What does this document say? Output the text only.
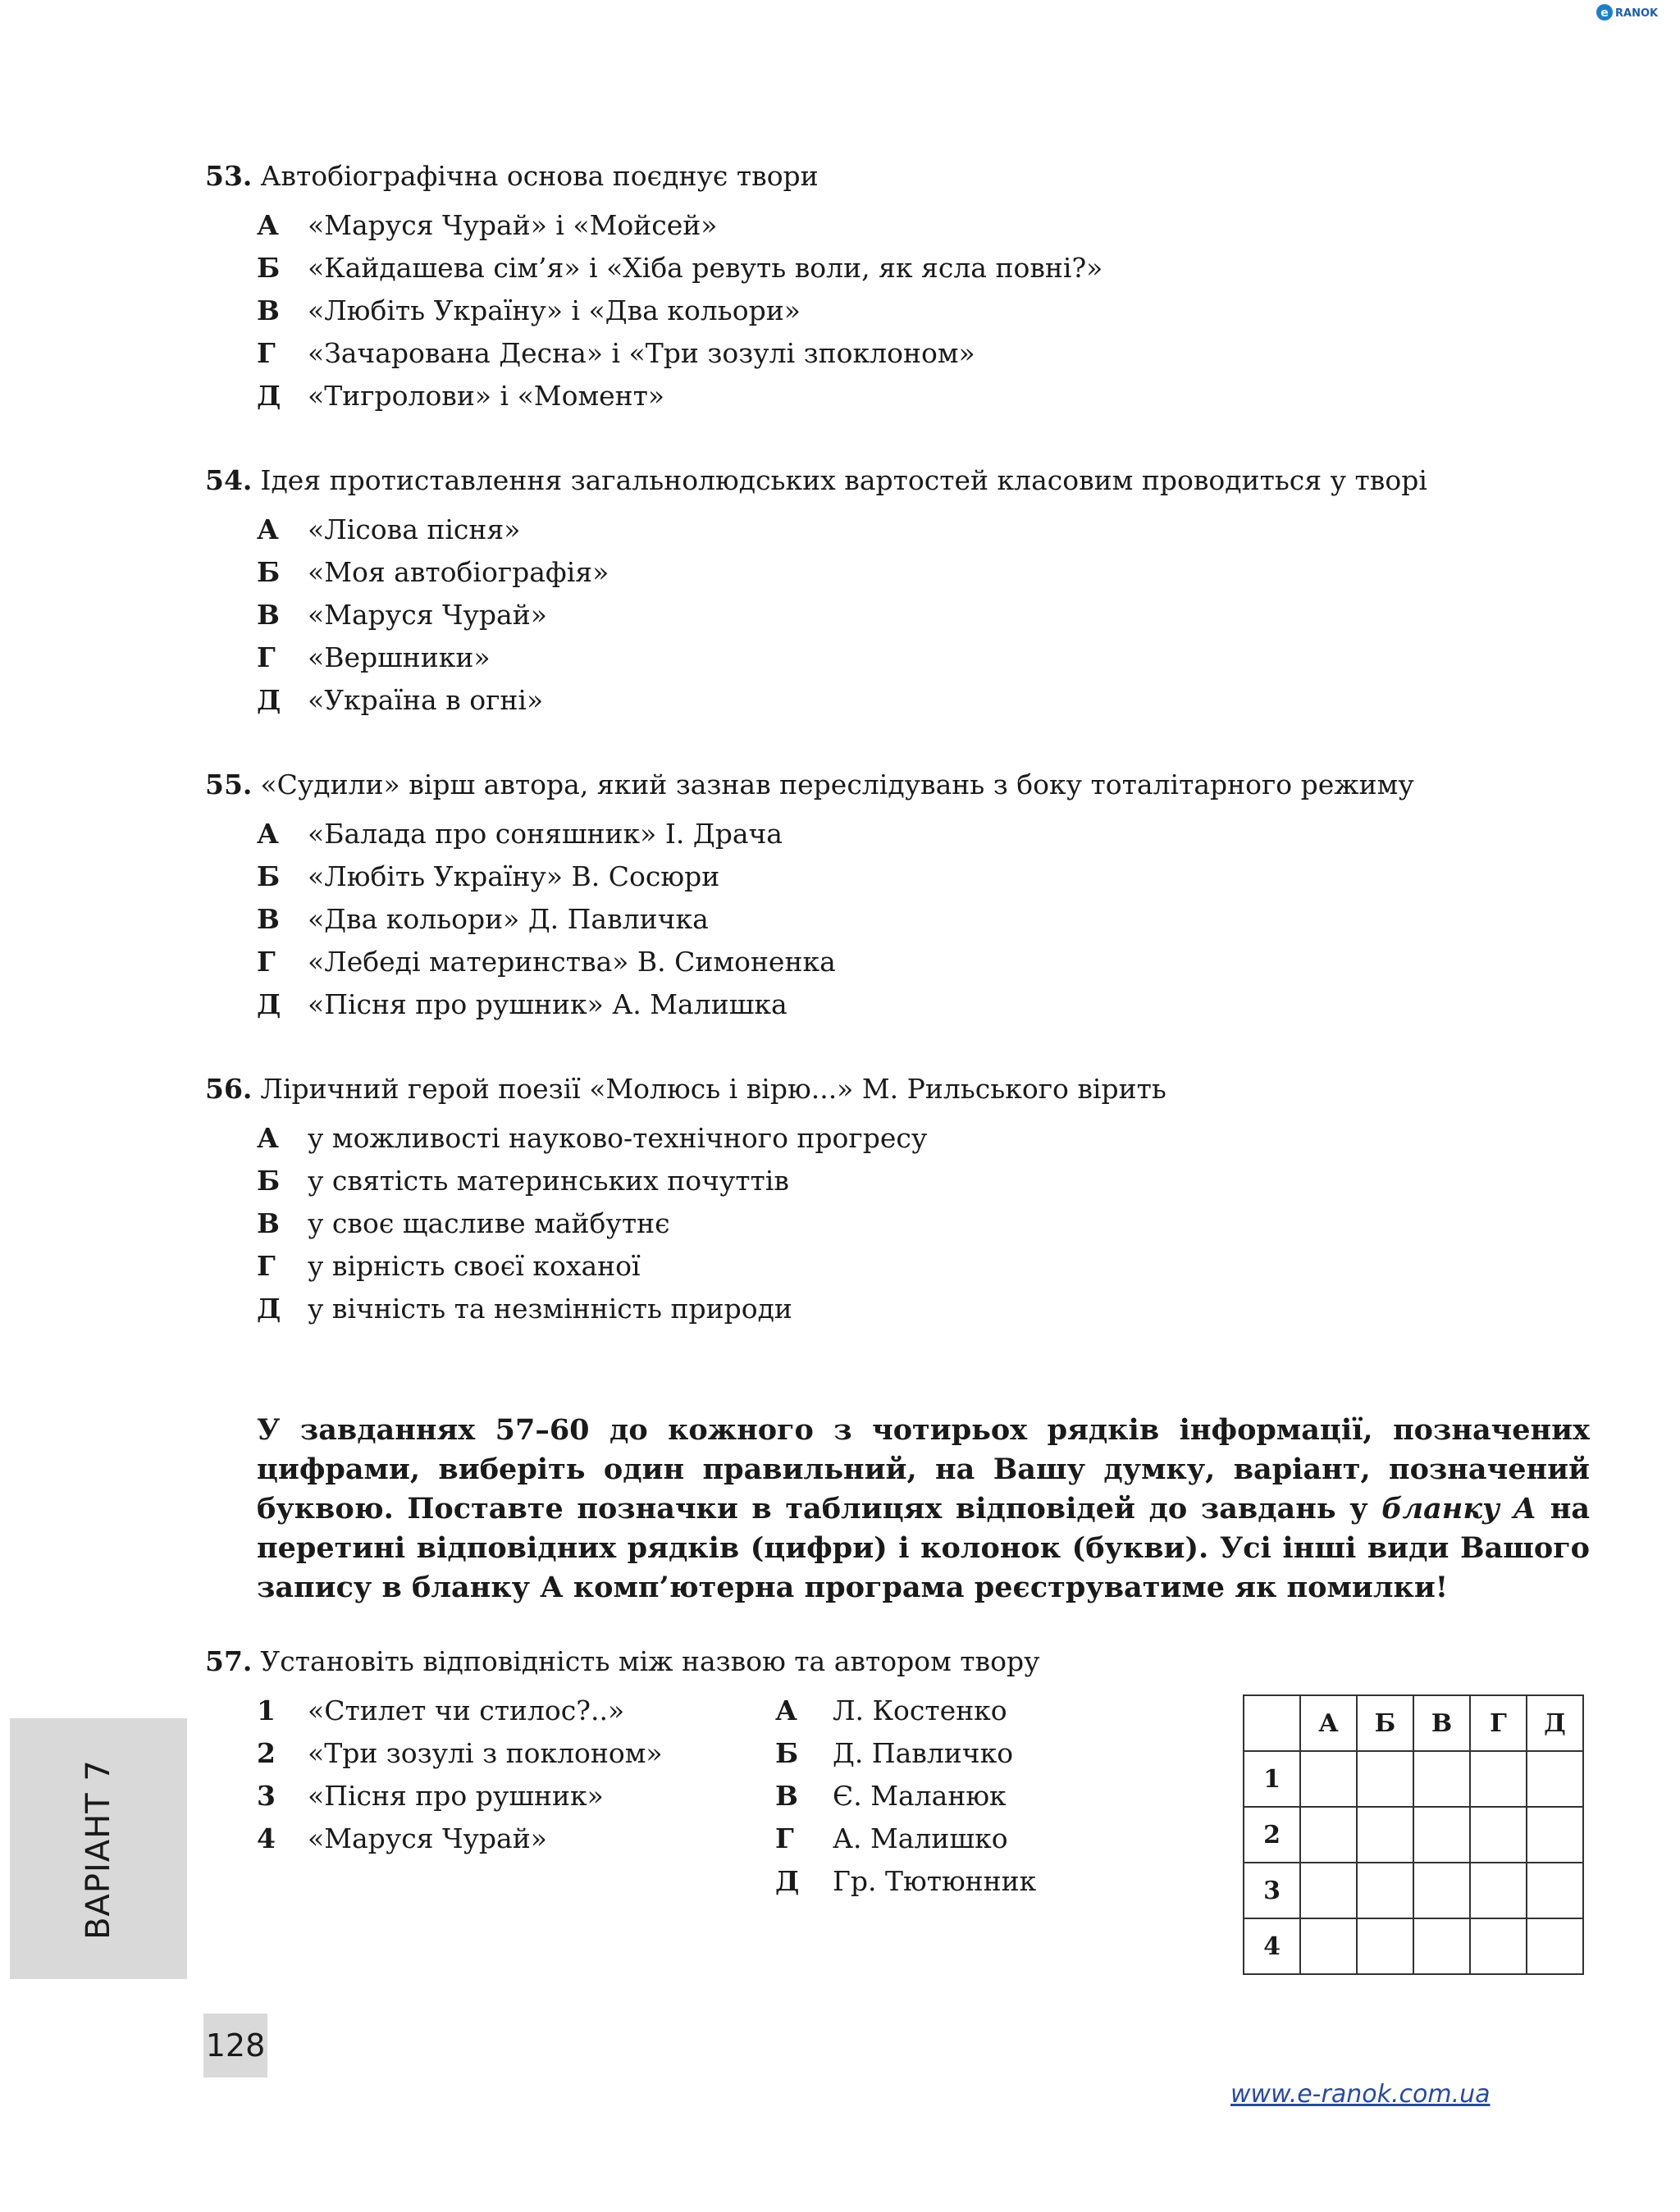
e RANOK
53. Автобіографічна основа поєднує твори
А «Маруся Чурай» і «Мойсей»
Б «Кайдашева сім’я» і «Хіба ревуть воли, як ясла повні?»
В «Любіть Україну» і «Два кольори»
Г «Зачарована Десна» і «Три зозулі зпоклоном»
Д «Тигролови» і «Момент»
54. Ідея протиставлення загальнолюдських вартостей класовим проводиться у творі
А «Лісова пісня»
Б «Моя автобіографія»
В «Маруся Чурай»
Г «Вершники»
Д «Україна в огні»
55. «Судили» вірш автора, який зазнав переслідувань з боку тоталітарного режиму
А «Балада про соняшник» І. Драча
Б «Любіть Україну» В. Сосюри
В «Два кольори» Д. Павличка
Г «Лебеді материнства» В. Симоненка
Д «Пісня про рушник» А. Малишка
56. Ліричний герой поезії «Молюсь і вірю...» М. Рильського вірить
А у можливості науково-технічного прогресу
Б у святість материнських почуттів
В у своє щасливе майбутнє
Г у вірність своєї коханої
Д у вічність та незмінність природи
У завданнях 57–60 до кожного з чотирьох рядків інформації, позначених цифрами, виберіть один правильний, на Вашу думку, варіант, позначений буквою. Поставте позначки в таблицях відповідей до завдань у бланку А на перетині відповідних рядків (цифри) і колонок (букви). Усі інші види Вашого запису в бланку А комп’ютерна програма реєструватиме як помилки!
57. Установіть відповідність між назвою та автором твору
1 «Стилет чи стилос?..»
2 «Три зозулі з поклоном»
3 «Пісня про рушник»
4 «Маруся Чурай»
А Л. Костенко
Б Д. Павличко
В Є. Маланюк
Г А. Малишко
Д Гр. Тютюнник
	А	Б	В	Г	Д
1					
2					
3					
4					
ВАРІАНТ 7
128
www.e-ranok.com.ua
